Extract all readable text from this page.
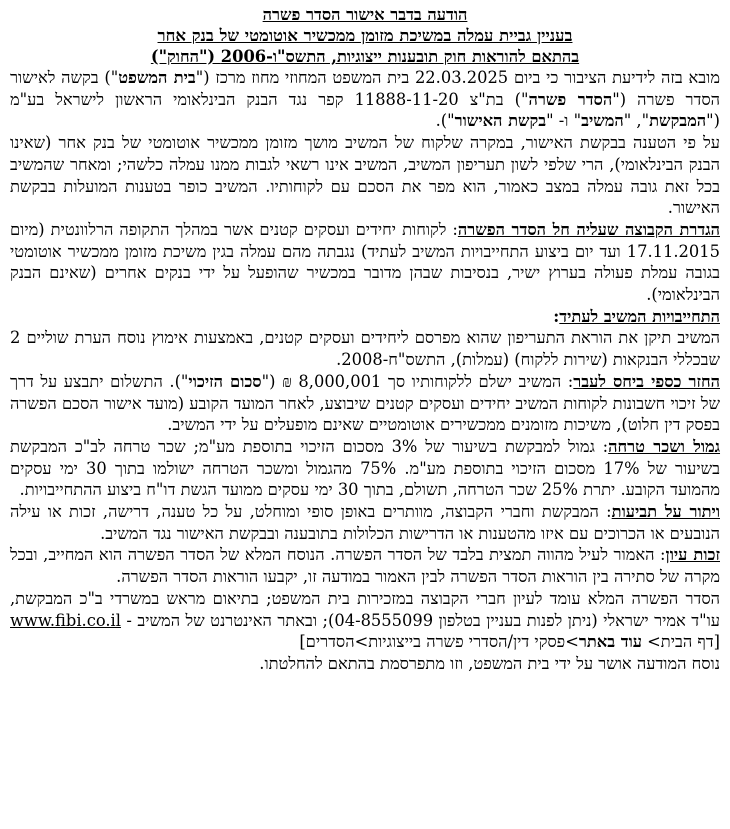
הודעה בדבר אישור הסדר פשרה
בעניין גביית עמלה במשיכת מזומן ממכשיר אוטומטי של בנק אחר
בהתאם להוראות חוק תובענות ייצוגיות, התשס"ו-2006 ("החוק")

מובא בזה לידיעת הציבור כי ביום 22.03.2025 בית המשפט המחוזי מחוז מרכז ("בית המשפט") בקשה לאישור הסדר פשרה ("הסדר פשרה") בת"צ 11888-11-20 קפר נגד הבנק הבינלאומי הראשון לישראל בע"מ ("המבקשת", "המשיב" ו- "בקשת האישור").

על פי הטענה בבקשת האישור, במקרה שלקוח של המשיב מושך מזומן ממכשיר אוטומטי של בנק אחר (שאינו הבנק הבינלאומי), הרי שלפי לשון תעריפון המשיב, המשיב אינו רשאי לגבות ממנו עמלה כלשהי; ומאחר שהמשיב בכל זאת גובה עמלה במצב כאמור, הוא מפר את הסכם עם לקוחותיו. המשיב כופר בטענות המועלות בבקשת האישור.

הגדרת הקבוצה שעליה חל הסדר הפשרה: לקוחות יחידים ועסקים קטנים אשר במהלך התקופה הרלוונטית (מיום 17.11.2015 ועד יום ביצוע התחייבויות המשיב לעתיד) נגבתה מהם עמלה בגין משיכת מזומן ממכשיר אוטומטי בגובה עמלת פעולה בערוץ ישיר, בנסיבות שבהן מדובר במכשיר שהופעל על ידי בנקים אחרים (שאינם הבנק הבינלאומי).

התחייבויות המשיב לעתיד:

המשיב תיקן את הוראת התעריפון שהוא מפרסם ליחידים ועסקים קטנים, באמצעות אימוץ נוסח הערת שוליים 2 שבכללי הבנקאות (שירות ללקוח) (עמלות), התשס"ח-2008.

החזר כספי ביחס לעבר: המשיב ישלם ללקוחותיו סך 8,000,001 ₪ ("סכום הזיכוי"). התשלום יתבצע על דרך של זיכוי חשבונות לקוחות המשיב יחידים ועסקים קטנים שיבוצע, לאחר המועד הקובע (מועד אישור הסכם הפשרה בפסק דין חלוט), משיכות מזומנים ממכשירים אוטומטיים שאינם מופעלים על ידי המשיב.

גמול ושכר טרחה: גמול למבקשת בשיעור של 3% מסכום הזיכוי בתוספת מע"מ; שכר טרחה לב"כ המבקשת בשיעור של 17% מסכום הזיכוי בתוספת מע"מ. 75% מהגמול ומשכר הטרחה ישולמו בתוך 30 ימי עסקים מהמועד הקובע. יתרת 25% שכר הטרחה, תשולם, בתוך 30 ימי עסקים ממועד הגשת דו"ח ביצוע ההתחייבויות.

ויתור על תביעות: המבקשת וחברי הקבוצה, מוותרים באופן סופי ומוחלט, על כל טענה, דרישה, זכות או עילה הנובעים או הכרוכים עם איזו מהטענות או הדרישות הכלולות בתובענה ובבקשת האישור נגד המשיב.

זכות עיון: האמור לעיל מהווה תמצית בלבד של הסדר הפשרה. הנוסח המלא של הסדר הפשרה הוא המחייב, ובכל מקרה של סתירה בין הוראות הסדר הפשרה לבין האמור במודעה זו, יקבעו הוראות הסדר הפשרה.

הסדר הפשרה המלא עומד לעיון חברי הקבוצה במזכירות בית המשפט; בתיאום מראש במשרדי ב"כ המבקשת, עו"ד אמיר ישראלי (ניתן לפנות בעניין בטלפון 04-8555099); ובאתר האינטרנט של המשיב - www.fibi.co.il [דף הבית> עוד באתר>פסקי דין/הסדרי פשרה בייצוגיות>הסדרים]

נוסח המודעה אושר על ידי בית המשפט, וזו מתפרסמת בהתאם להחלטתו.
